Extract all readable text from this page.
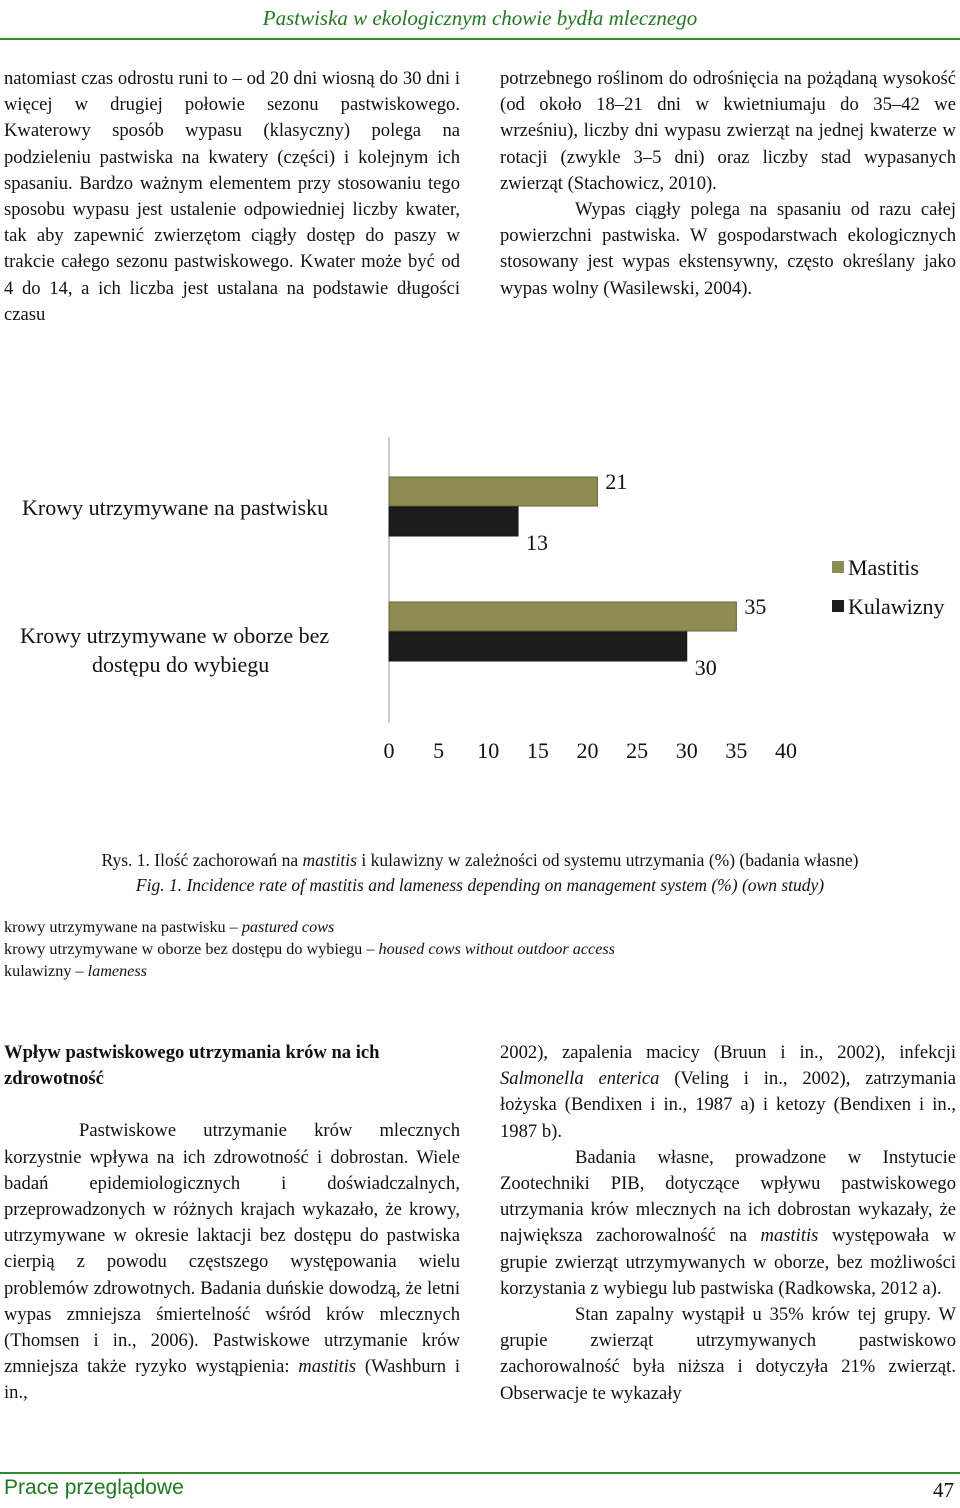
Pastwiska w ekologicznym chowie bydła mlecznego

natomiast czas odrostu runi to – od 20 dni wiosną do 30 dni i więcej w drugiej połowie sezonu pastwiskowego. Kwaterowy sposób wypasu (klasyczny) polega na podzieleniu pastwiska na kwatery (części) i kolejnym ich spasaniu. Bardzo ważnym elementem przy stosowaniu tego sposobu wypasu jest ustalenie odpowiedniej liczby kwater, tak aby zapewnić zwierzętom ciągły dostęp do paszy w trakcie całego sezonu pastwiskowego. Kwater może być od 4 do 14, a ich liczba jest ustalana na podstawie długości czasu

potrzebnego roślinom do odrośnięcia na pożądaną wysokość (od około 18–21 dni w kwietniumaju do 35–42 we wrześniu), liczby dni wypasu zwierząt na jednej kwaterze w rotacji (zwykle 3–5 dni) oraz liczby stad wypasanych zwierząt (Stachowicz, 2010).

Wypas ciągły polega na spasaniu od razu całej powierzchni pastwiska. W gospodarstwach ekologicznych stosowany jest wypas ekstensywny, często określany jako wypas wolny (Wasilewski, 2004).

0 5 10 15 20 25 30 35 40
21
13
35
30
Krowy utrzymywane na pastwisku
Krowy utrzymywane w oborze bez dostępu do wybiegu
Mastitis
Kulawizny
Rys. 1. Ilość zachorowań na mastitis i kulawizny w zależności od systemu utrzymania (%) (badania własne)
Fig. 1. Incidence rate of mastitis and lameness depending on management system (%) (own study)
krowy utrzymywane na pastwisku – pastured cows
krowy utrzymywane w oborze bez dostępu do wybiegu – housed cows without outdoor access
kulawizny – lameness

Wpływ pastwiskowego utrzymania krów na ich zdrowotność

Pastwiskowe utrzymanie krów mlecznych korzystnie wpływa na ich zdrowotność i dobrostan. Wiele badań epidemiologicznych i doświadczalnych, przeprowadzonych w różnych krajach wykazało, że krowy, utrzymywane w okresie laktacji bez dostępu do pastwiska cierpią z powodu częstszego występowania wielu problemów zdrowotnych. Badania duńskie dowodzą, że letni wypas zmniejsza śmiertelność wśród krów mlecznych (Thomsen i in., 2006). Pastwiskowe utrzymanie krów zmniejsza także ryzyko wystąpienia: mastitis (Washburn i in.,

2002), zapalenia macicy (Bruun i in., 2002), infekcji Salmonella enterica (Veling i in., 2002), zatrzymania łożyska (Bendixen i in., 1987 a) i ketozy (Bendixen i in., 1987 b).

Badania własne, prowadzone w Instytucie Zootechniki PIB, dotyczące wpływu pastwiskowego utrzymania krów mlecznych na ich dobrostan wykazały, że największa zachorowalność na mastitis występowała w grupie zwierząt utrzymywanych w oborze, bez możliwości korzystania z wybiegu lub pastwiska (Radkowska, 2012 a).

Stan zapalny wystąpił u 35% krów tej grupy. W grupie zwierząt utrzymywanych pastwiskowo zachorowalność była niższa i dotyczyła 21% zwierząt. Obserwacje te wykazały

Prace przeglądowe	47
